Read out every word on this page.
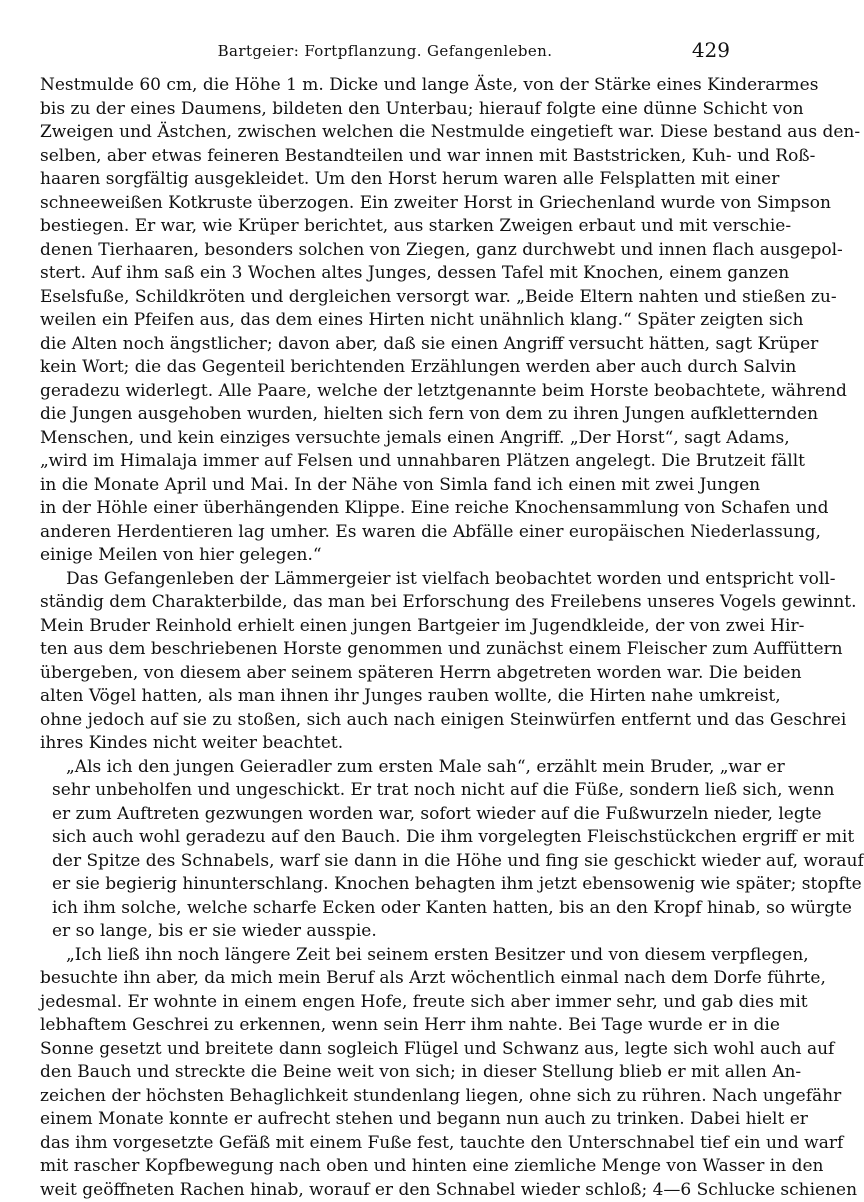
Bartgeier: Fortpflanzung. Gefangenleben.	429
Nestmulde 60 cm, die Höhe 1 m. Dicke und lange Äste, von der Stärke eines Kinderarmes
bis zu der eines Daumens, bildeten den Unterbau; hierauf folgte eine dünne Schicht von
Zweigen und Ästchen, zwischen welchen die Nestmulde eingetieft war. Diese bestand aus den-
selben, aber etwas feineren Bestandteilen und war innen mit Baststricken, Kuh- und Roß-
haaren sorgfältig ausgekleidet. Um den Horst herum waren alle Felsplatten mit einer
schneeweißen Kotkruste überzogen. Ein zweiter Horst in Griechenland wurde von Simpson
bestiegen. Er war, wie Krüper berichtet, aus starken Zweigen erbaut und mit verschie-
denen Tierhaaren, besonders solchen von Ziegen, ganz durchwebt und innen flach ausgepol-
stert. Auf ihm saß ein 3 Wochen altes Junges, dessen Tafel mit Knochen, einem ganzen
Eselsfuße, Schildkröten und dergleichen versorgt war. „Beide Eltern nahten und stießen zu-
weilen ein Pfeifen aus, das dem eines Hirten nicht unähnlich klang.“ Später zeigten sich
die Alten noch ängstlicher; davon aber, daß sie einen Angriff versucht hätten, sagt Krüper
kein Wort; die das Gegenteil berichtenden Erzählungen werden aber auch durch Salvin
geradezu widerlegt. Alle Paare, welche der letztgenannte beim Horste beobachtete, während
die Jungen ausgehoben wurden, hielten sich fern von dem zu ihren Jungen aufkletternden
Menschen, und kein einziges versuchte jemals einen Angriff. „Der Horst“, sagt Adams,
„wird im Himalaja immer auf Felsen und unnahbaren Plätzen angelegt. Die Brutzeit fällt
in die Monate April und Mai. In der Nähe von Simla fand ich einen mit zwei Jungen
in der Höhle einer überhängenden Klippe. Eine reiche Knochensammlung von Schafen und
anderen Herdentieren lag umher. Es waren die Abfälle einer europäischen Niederlassung,
einige Meilen von hier gelegen.“
Das Gefangenleben der Lämmergeier ist vielfach beobachtet worden und entspricht voll-
ständig dem Charakterbilde, das man bei Erforschung des Freilebens unseres Vogels gewinnt.
Mein Bruder Reinhold erhielt einen jungen Bartgeier im Jugendkleide, der von zwei Hir-
ten aus dem beschriebenen Horste genommen und zunächst einem Fleischer zum Auffüttern
übergeben, von diesem aber seinem späteren Herrn abgetreten worden war. Die beiden
alten Vögel hatten, als man ihnen ihr Junges rauben wollte, die Hirten nahe umkreist,
ohne jedoch auf sie zu stoßen, sich auch nach einigen Steinwürfen entfernt und das Geschrei
ihres Kindes nicht weiter beachtet.
„Als ich den jungen Geieradler zum ersten Male sah“, erzählt mein Bruder, „war er
sehr unbeholfen und ungeschickt. Er trat noch nicht auf die Füße, sondern ließ sich, wenn
er zum Auftreten gezwungen worden war, sofort wieder auf die Fußwurzeln nieder, legte
sich auch wohl geradezu auf den Bauch. Die ihm vorgelegten Fleischstückchen ergriff er mit
der Spitze des Schnabels, warf sie dann in die Höhe und fing sie geschickt wieder auf, worauf
er sie begierig hinunterschlang. Knochen behagten ihm jetzt ebensowenig wie später; stopfte
ich ihm solche, welche scharfe Ecken oder Kanten hatten, bis an den Kropf hinab, so würgte
er so lange, bis er sie wieder ausspie.
„Ich ließ ihn noch längere Zeit bei seinem ersten Besitzer und von diesem verpflegen,
besuchte ihn aber, da mich mein Beruf als Arzt wöchentlich einmal nach dem Dorfe führte,
jedesmal. Er wohnte in einem engen Hofe, freute sich aber immer sehr, und gab dies mit
lebhaftem Geschrei zu erkennen, wenn sein Herr ihm nahte. Bei Tage wurde er in die
Sonne gesetzt und breitete dann sogleich Flügel und Schwanz aus, legte sich wohl auch auf
den Bauch und streckte die Beine weit von sich; in dieser Stellung blieb er mit allen An-
zeichen der höchsten Behaglichkeit stundenlang liegen, ohne sich zu rühren. Nach ungefähr
einem Monate konnte er aufrecht stehen und begann nun auch zu trinken. Dabei hielt er
das ihm vorgesetzte Gefäß mit einem Fuße fest, tauchte den Unterschnabel tief ein und warf
mit rascher Kopfbewegung nach oben und hinten eine ziemliche Menge von Wasser in den
weit geöffneten Rachen hinab, worauf er den Schnabel wieder schloß; 4—6 Schlucke schienen
